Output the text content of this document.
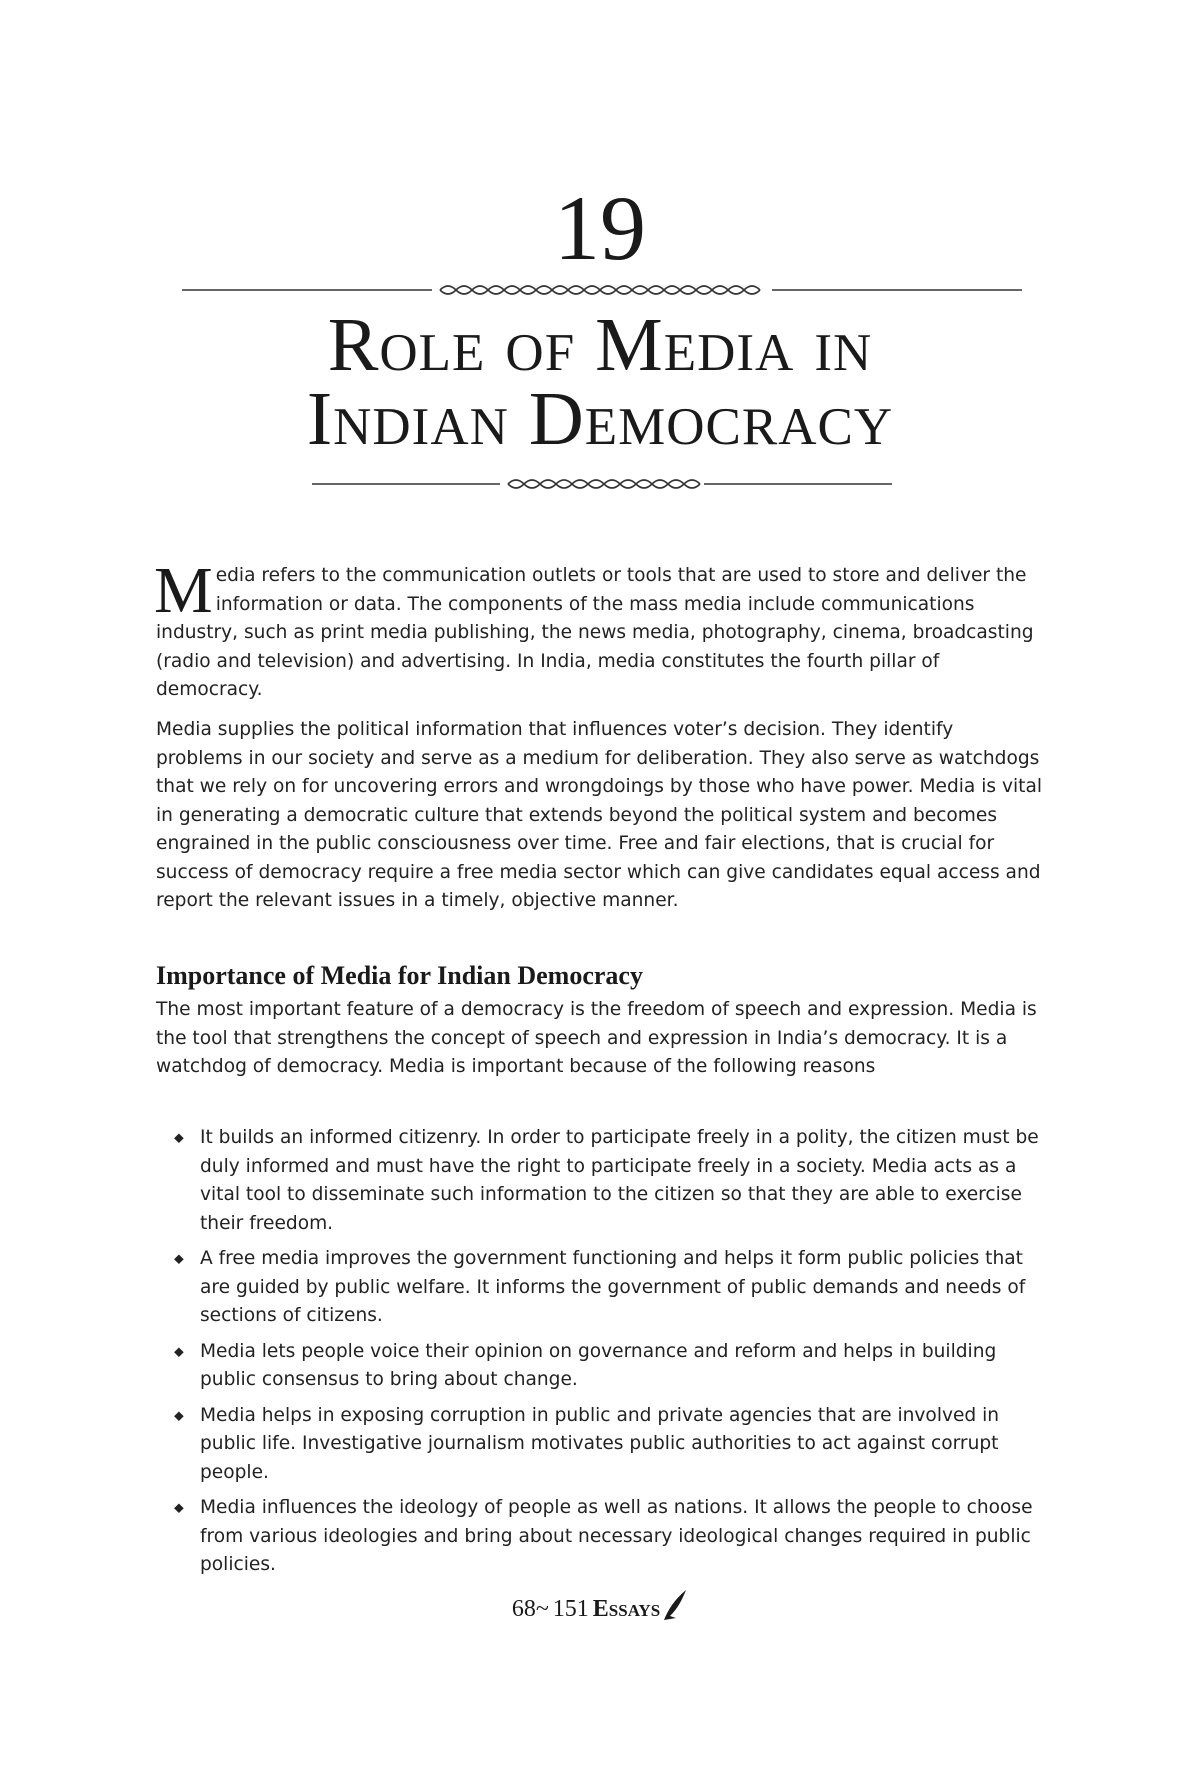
19
Role of Media in
Indian Democracy

Media refers to the communication outlets or tools that are used to store and deliver the information or data. The components of the mass media include communications industry, such as print media publishing, the news media, photography, cinema, broadcasting (radio and television) and advertising. In India, media constitutes the fourth pillar of democracy.

Media supplies the political information that influences voter’s decision. They identify problems in our society and serve as a medium for deliberation. They also serve as watchdogs that we rely on for uncovering errors and wrongdoings by those who have power. Media is vital in generating a democratic culture that extends beyond the political system and becomes engrained in the public consciousness over time. Free and fair elections, that is crucial for success of democracy require a free media sector which can give candidates equal access and report the relevant issues in a timely, objective manner.

Importance of Media for Indian Democracy

The most important feature of a democracy is the freedom of speech and expression. Media is the tool that strengthens the concept of speech and expression in India’s democracy. It is a watchdog of democracy. Media is important because of the following reasons

⬥ It builds an informed citizenry. In order to participate freely in a polity, the citizen must be duly informed and must have the right to participate freely in a society. Media acts as a vital tool to disseminate such information to the citizen so that they are able to exercise their freedom.
⬥ A free media improves the government functioning and helps it form public policies that are guided by public welfare. It informs the government of public demands and needs of sections of citizens.
⬥ Media lets people voice their opinion on governance and reform and helps in building public consensus to bring about change.
⬥ Media helps in exposing corruption in public and private agencies that are involved in public life. Investigative journalism motivates public authorities to act against corrupt people.
⬥ Media influences the ideology of people as well as nations. It allows the people to choose from various ideologies and bring about necessary ideological changes required in public policies.
68~ 151 Essays
